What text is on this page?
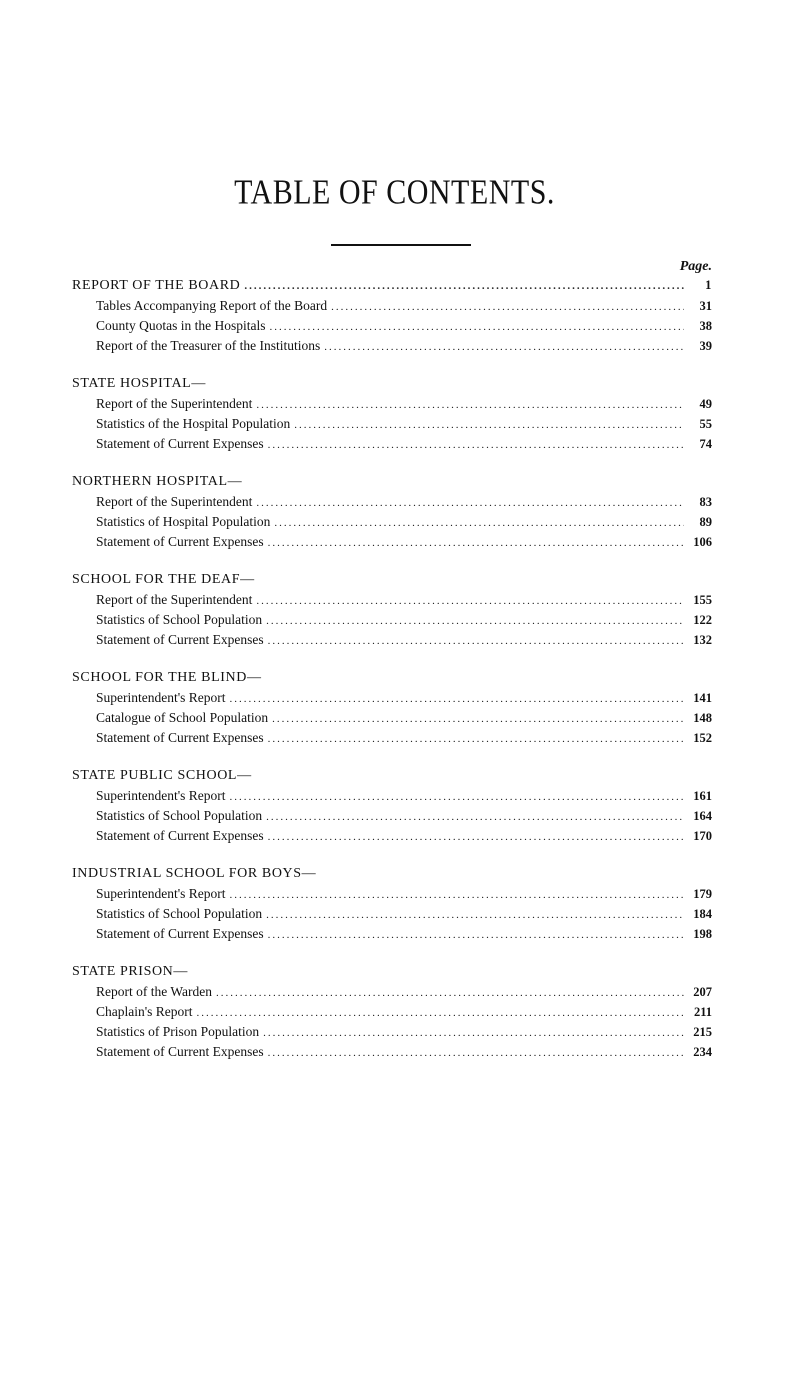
TABLE OF CONTENTS.
Page.
REPORT OF THE BOARD .....	1
Tables Accompanying Report of the Board .....	31
County Quotas in the Hospitals .....	38
Report of the Treasurer of the Institutions .....	39
STATE HOSPITAL—
Report of the Superintendent .....	49
Statistics of the Hospital Population .....	55
Statement of Current Expenses .....	74
NORTHERN HOSPITAL—
Report of the Superintendent .....	83
Statistics of Hospital Population .....	89
Statement of Current Expenses .....	106
SCHOOL FOR THE DEAF—
Report of the Superintendent .....	155
Statistics of School Population .....	122
Statement of Current Expenses .....	132
SCHOOL FOR THE BLIND—
Superintendent's Report .....	141
Catalogue of School Population .....	148
Statement of Current Expenses .....	152
STATE PUBLIC SCHOOL—
Superintendent's Report .....	161
Statistics of School Population .....	164
Statement of Current Expenses .....	170
INDUSTRIAL SCHOOL FOR BOYS—
Superintendent's Report .....	179
Statistics of School Population .....	184
Statement of Current Expenses .....	198
STATE PRISON—
Report of the Warden .....	207
Chaplain's Report .....	211
Statistics of Prison Population .....	215
Statement of Current Expenses .....	234
